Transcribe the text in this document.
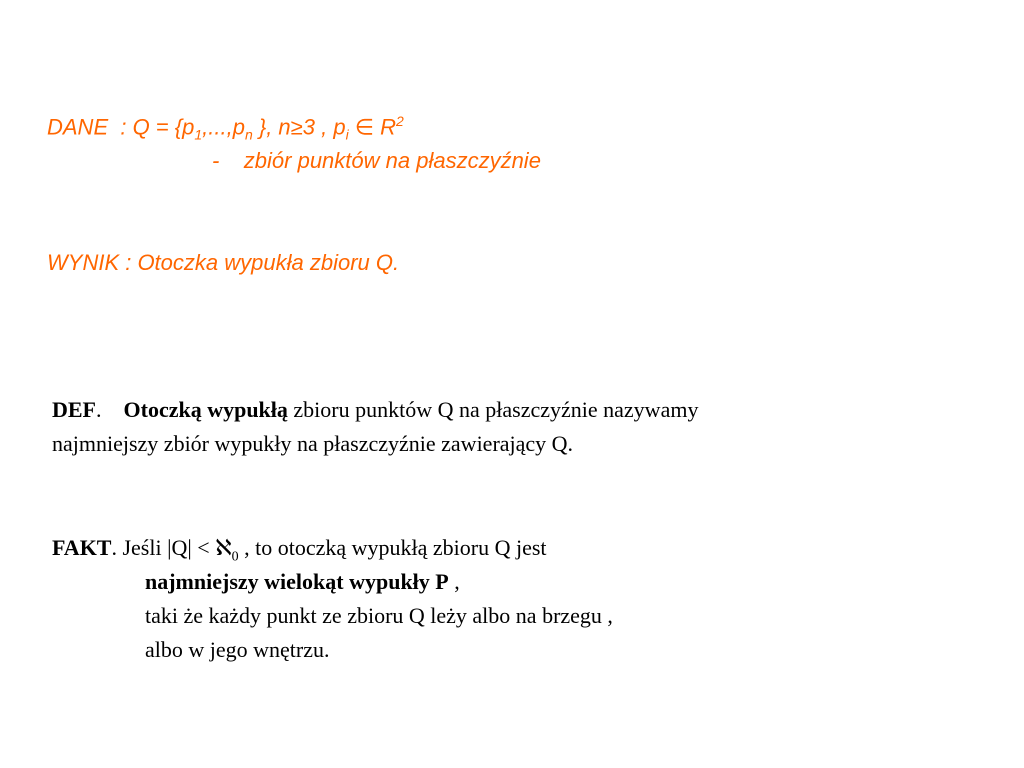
DANE : $Q = \{p_1,...,p_n$ }, n≥3 , $p_i$ ∈ $R^2$
- zbiór punktów na płaszczyźnie
WYNIK : Otoczka wypukła zbioru Q.
DEF. Otoczką wypukłą zbioru punktów Q na płaszczyźnie nazywamy
najmniejszy zbiór wypukły na płaszczyźnie zawierający Q.
FAKT. Jeśli |Q| < ℵ$_0$ , to otoczką wypukłą zbioru Q jest
najmniejszy wielokąt wypukły P ,
taki że każdy punkt ze zbioru Q leży albo na brzegu ,
albo w jego wnętrzu.
